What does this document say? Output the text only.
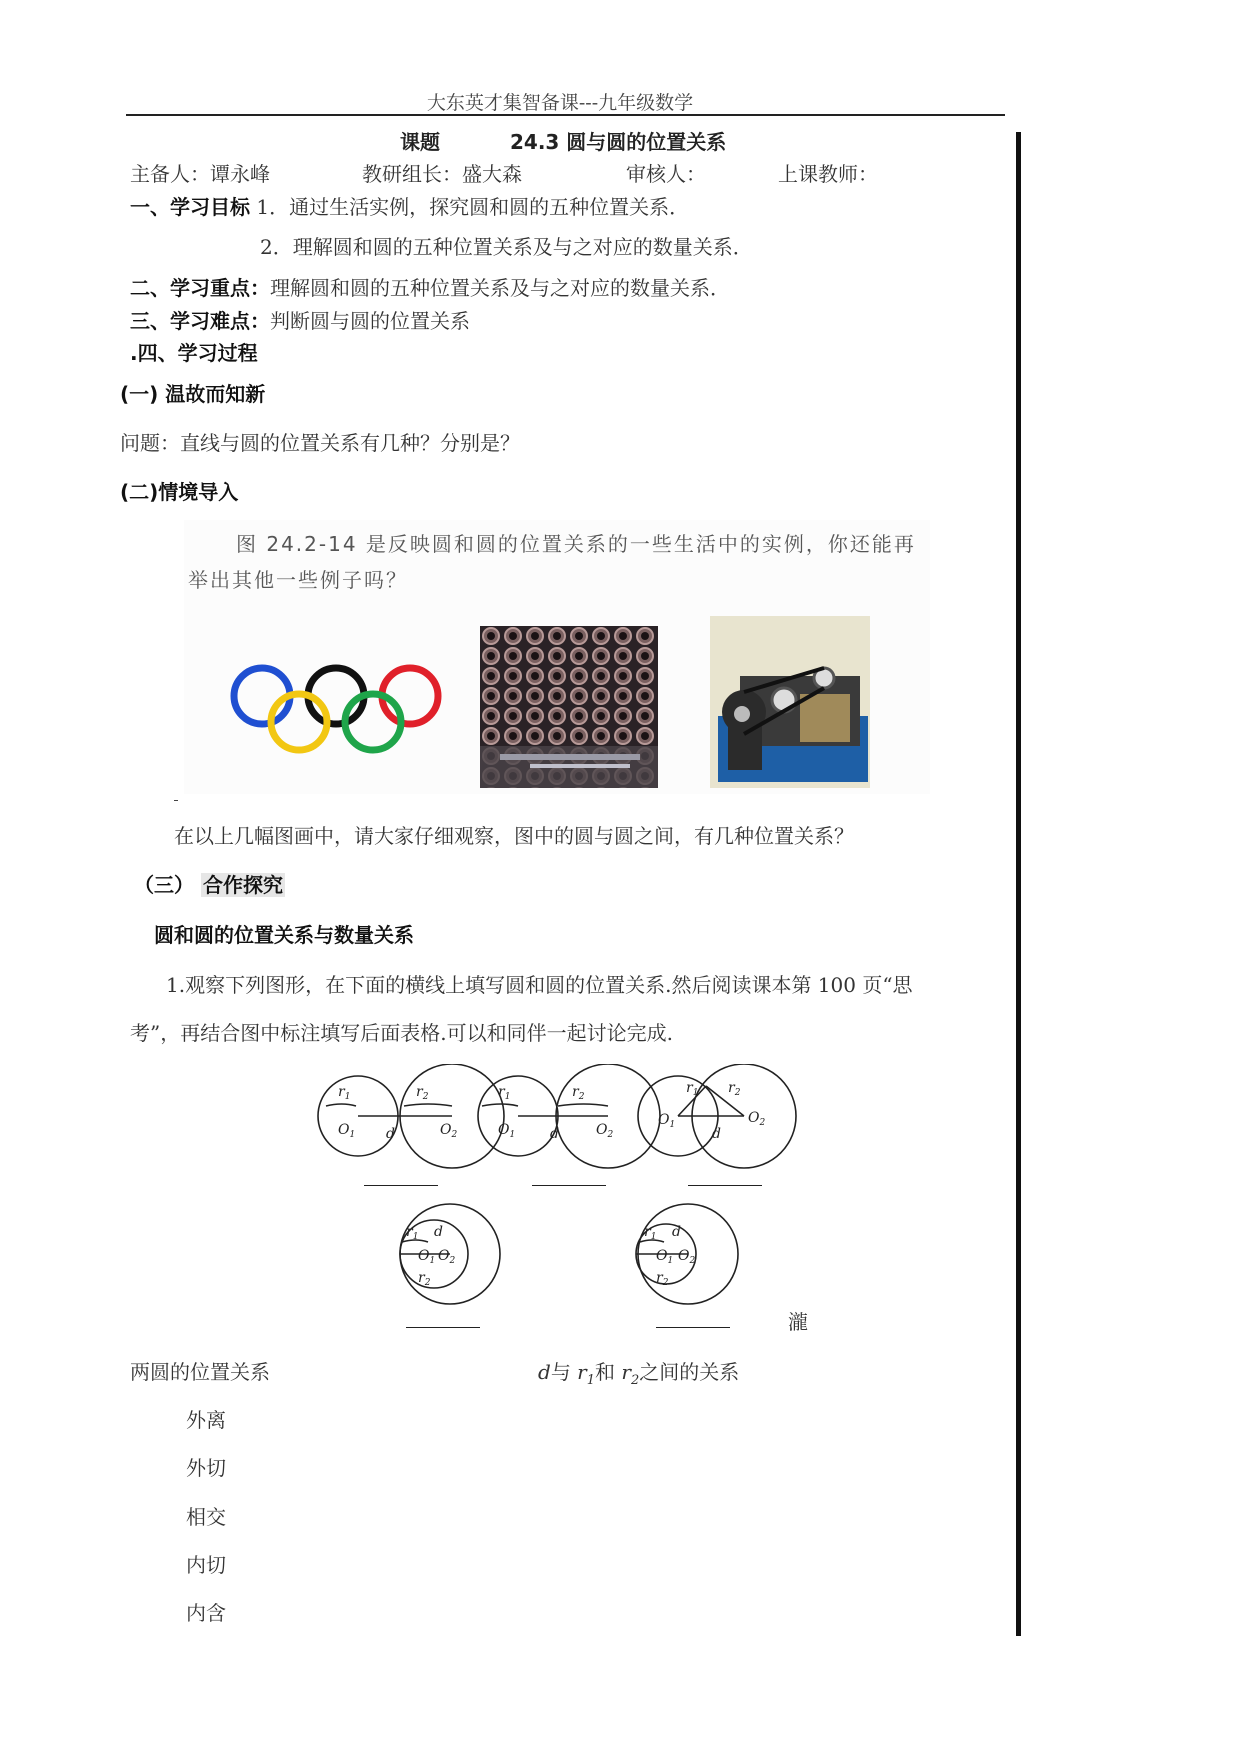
大东英才集智备课---九年级数学
课题	24.3 圆与圆的位置关系
主备人：谭永峰	教研组长：盛大森	审核人：	上课教师：
一、学习目标 1．通过生活实例，探究圆和圆的五种位置关系．
2．理解圆和圆的五种位置关系及与之对应的数量关系．
二、学习重点：理解圆和圆的五种位置关系及与之对应的数量关系．
三、学习难点：判断圆与圆的位置关系
.四、学习过程
(一) 温故而知新
问题：直线与圆的位置关系有几种？分别是？
(二)情境导入
图 24.2-14 是反映圆和圆的位置关系的一些生活中的实例，你还能再
举出其他一些例子吗？
在以上几幅图画中，请大家仔细观察，图中的圆与圆之间，有几种位置关系？
（三） 合作探究
圆和圆的位置关系与数量关系
1.观察下列图形，在下面的横线上填写圆和圆的位置关系.然后阅读课本第 100 页“思
考”，再结合图中标注填写后面表格.可以和同伴一起讨论完成.
$r_1$	$r_2$
$O_1$ d	$O_2$
$r_1$	$r_2$
$O_1$ d	$O_2$
$r_1$ $r_2$
$O_1$
d
$O_2$
$r_1$ d
$O_1$ $O_2$
$r_2$
$r_1$ d
$O_1$ $O_2$
$r_2$
瀧
两圆的位置关系	d与 $r_1$和 $r_2$之间的关系
外离
外切
相交
内切
内含
